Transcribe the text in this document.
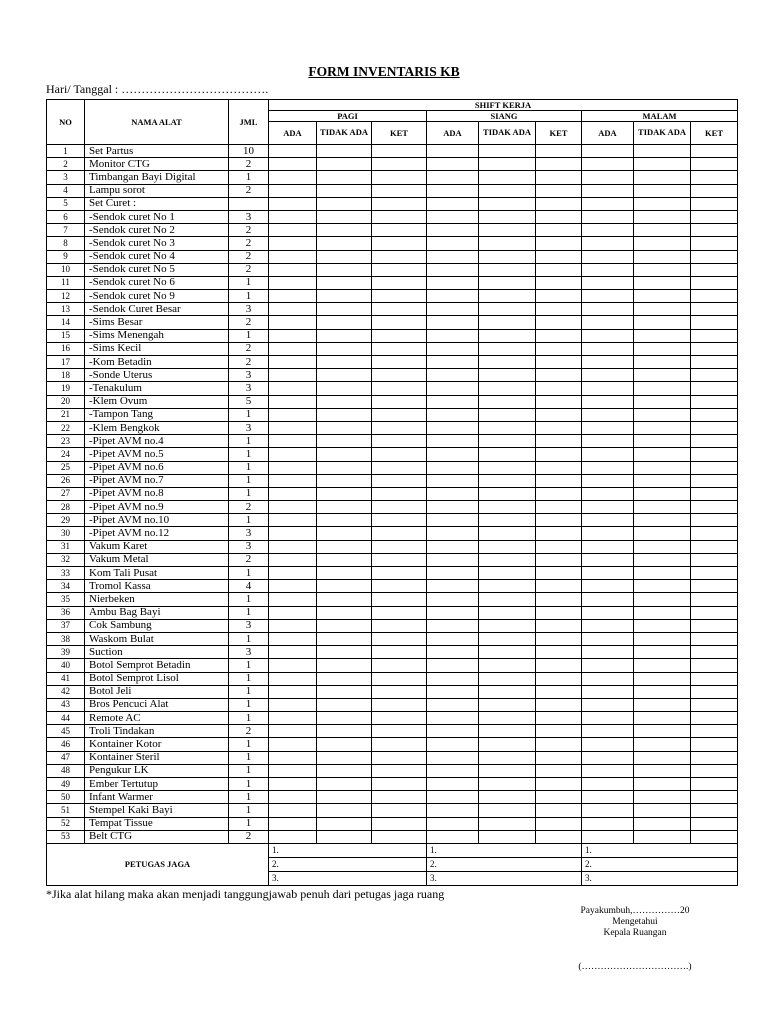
FORM INVENTARIS KB
Hari/ Tanggal : ……………………………….
NO	NAMA ALAT	JML	SHIFT KERJA								
			PAGI			SIANG			MALAM		
			ADA	TIDAK ADA	KET	ADA	TIDAK ADA	KET	ADA	TIDAK ADA	KET
1	Set Partus	10									
2	Monitor CTG	2									
3	Timbangan Bayi Digital	1									
4	Lampu sorot	2									
5	Set Curet :										
6	-Sendok curet No 1	3									
7	-Sendok curet No 2	2									
8	-Sendok curet No 3	2									
9	-Sendok curet No 4	2									
10	-Sendok curet No 5	2									
11	-Sendok curet No 6	1									
12	-Sendok curet No 9	1									
13	-Sendok Curet Besar	3									
14	-Sims Besar	2									
15	-Sims Menengah	1									
16	-Sims Kecil	2									
17	-Kom Betadin	2									
18	-Sonde Uterus	3									
19	-Tenakulum	3									
20	-Klem Ovum	5									
21	-Tampon Tang	1									
22	-Klem Bengkok	3									
23	-Pipet AVM no.4	1									
24	-Pipet AVM no.5	1									
25	-Pipet AVM no.6	1									
26	-Pipet AVM no.7	1									
27	-Pipet AVM no.8	1									
28	-Pipet AVM no.9	2									
29	-Pipet AVM no.10	1									
30	-Pipet AVM no.12	3									
31	Vakum Karet	3									
32	Vakum Metal	2									
33	Kom Tali Pusat	1									
34	Tromol Kassa	4									
35	Nierbeken	1									
36	Ambu Bag Bayi	1									
37	Cok Sambung	3									
38	Waskom Bulat	1									
39	Suction	3									
40	Botol Semprot Betadin	1									
41	Botol Semprot Lisol	1									
42	Botol Jeli	1									
43	Bros Pencuci Alat	1									
44	Remote AC	1									
45	Troli Tindakan	2									
46	Kontainer Kotor	1									
47	Kontainer Steril	1									
48	Pengukur LK	1									
49	Ember Tertutup	1									
50	Infant Warmer	1									
51	Stempel Kaki Bayi	1									
52	Tempat Tissue	1									
53	Belt CTG	2									
PETUGAS JAGA			1.			1.			1.		
			2.			2.			2.		
			3.			3.			3.		
*Jika alat hilang maka akan menjadi tanggungjawab penuh dari petugas jaga ruang
Payakumbuh,……………20
Mengetahui
Kepala Ruangan
(…………………………….)
